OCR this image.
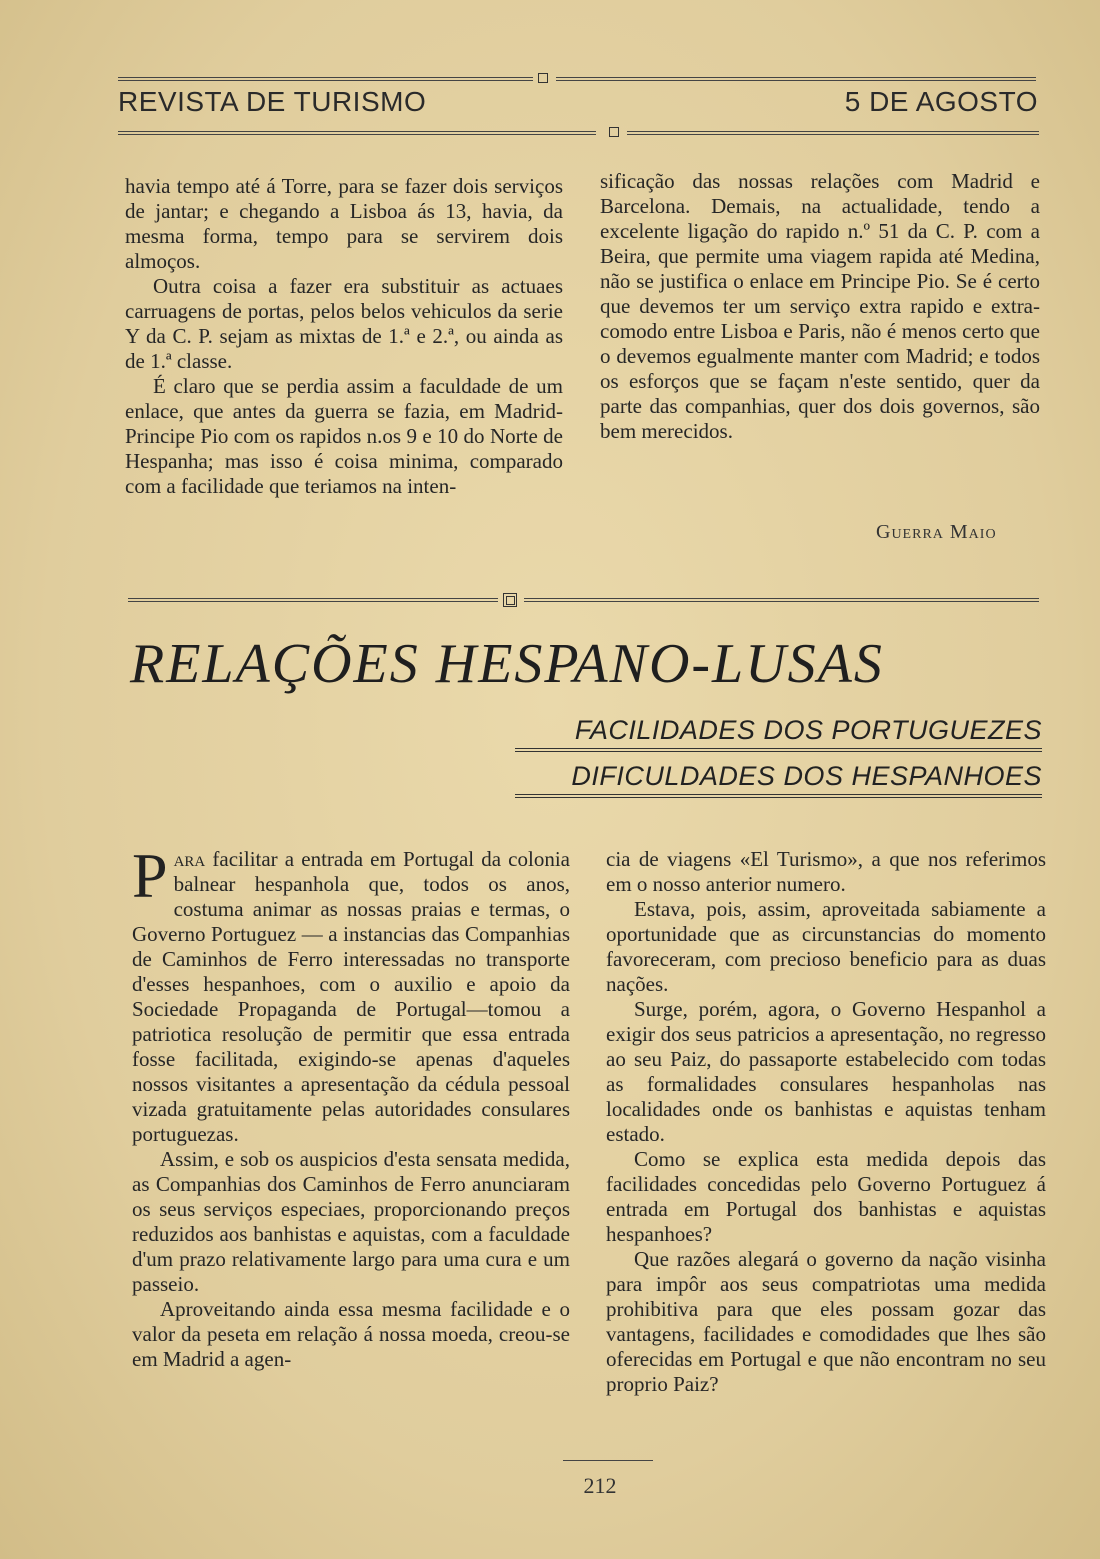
REVISTA DE TURISMO	5 DE AGOSTO

havia tempo até á Torre, para se fazer dois serviços de jantar; e chegando a Lisboa ás 13, havia, da mesma forma, tempo para se servirem dois almoços.

Outra coisa a fazer era substituir as actuaes carruagens de portas, pelos belos vehiculos da serie Y da C. P. sejam as mixtas de 1.ª e 2.ª, ou ainda as de 1.ª classe.

É claro que se perdia assim a faculdade de um enlace, que antes da guerra se fazia, em Madrid-Principe Pio com os rapidos n.os 9 e 10 do Norte de Hespanha; mas isso é coisa minima, comparado com a facilidade que teriamos na inten-

sificação das nossas relações com Madrid e Barcelona. Demais, na actualidade, tendo a excelente ligação do rapido n.º 51 da C. P. com a Beira, que permite uma viagem rapida até Medina, não se justifica o enlace em Principe Pio. Se é certo que devemos ter um serviço extra rapido e extra-comodo entre Lisboa e Paris, não é menos certo que o devemos egualmente manter com Madrid; e todos os esforços que se façam n'este sentido, quer da parte das companhias, quer dos dois governos, são bem merecidos.

Guerra Maio
RELAÇÕES HESPANO-LUSAS
FACILIDADES DOS PORTUGUEZES
DIFICULDADES DOS HESPANHOES

Para facilitar a entrada em Portugal da colonia balnear hespanhola que, todos os anos, costuma animar as nossas praias e termas, o Governo Portuguez — a instancias das Companhias de Caminhos de Ferro interessadas no transporte d'esses hespanhoes, com o auxilio e apoio da Sociedade Propaganda de Portugal—tomou a patriotica resolução de permitir que essa entrada fosse facilitada, exigindo-se apenas d'aqueles nossos visitantes a apresentação da cédula pessoal vizada gratuitamente pelas autoridades consulares portuguezas.

Assim, e sob os auspicios d'esta sensata medida, as Companhias dos Caminhos de Ferro anunciaram os seus serviços especiaes, proporcionando preços reduzidos aos banhistas e aquistas, com a faculdade d'um prazo relativamente largo para uma cura e um passeio.

Aproveitando ainda essa mesma facilidade e o valor da peseta em relação á nossa moeda, creou-se em Madrid a agen-

cia de viagens «El Turismo», a que nos referimos em o nosso anterior numero.

Estava, pois, assim, aproveitada sabiamente a oportunidade que as circunstancias do momento favoreceram, com precioso beneficio para as duas nações.

Surge, porém, agora, o Governo Hespanhol a exigir dos seus patricios a apresentação, no regresso ao seu Paiz, do passaporte estabelecido com todas as formalidades consulares hespanholas nas localidades onde os banhistas e aquistas tenham estado.

Como se explica esta medida depois das facilidades concedidas pelo Governo Portuguez á entrada em Portugal dos banhistas e aquistas hespanhoes?

Que razões alegará o governo da nação visinha para impôr aos seus compatriotas uma medida prohibitiva para que eles possam gozar das vantagens, facilidades e comodidades que lhes são oferecidas em Portugal e que não encontram no seu proprio Paiz?

212
